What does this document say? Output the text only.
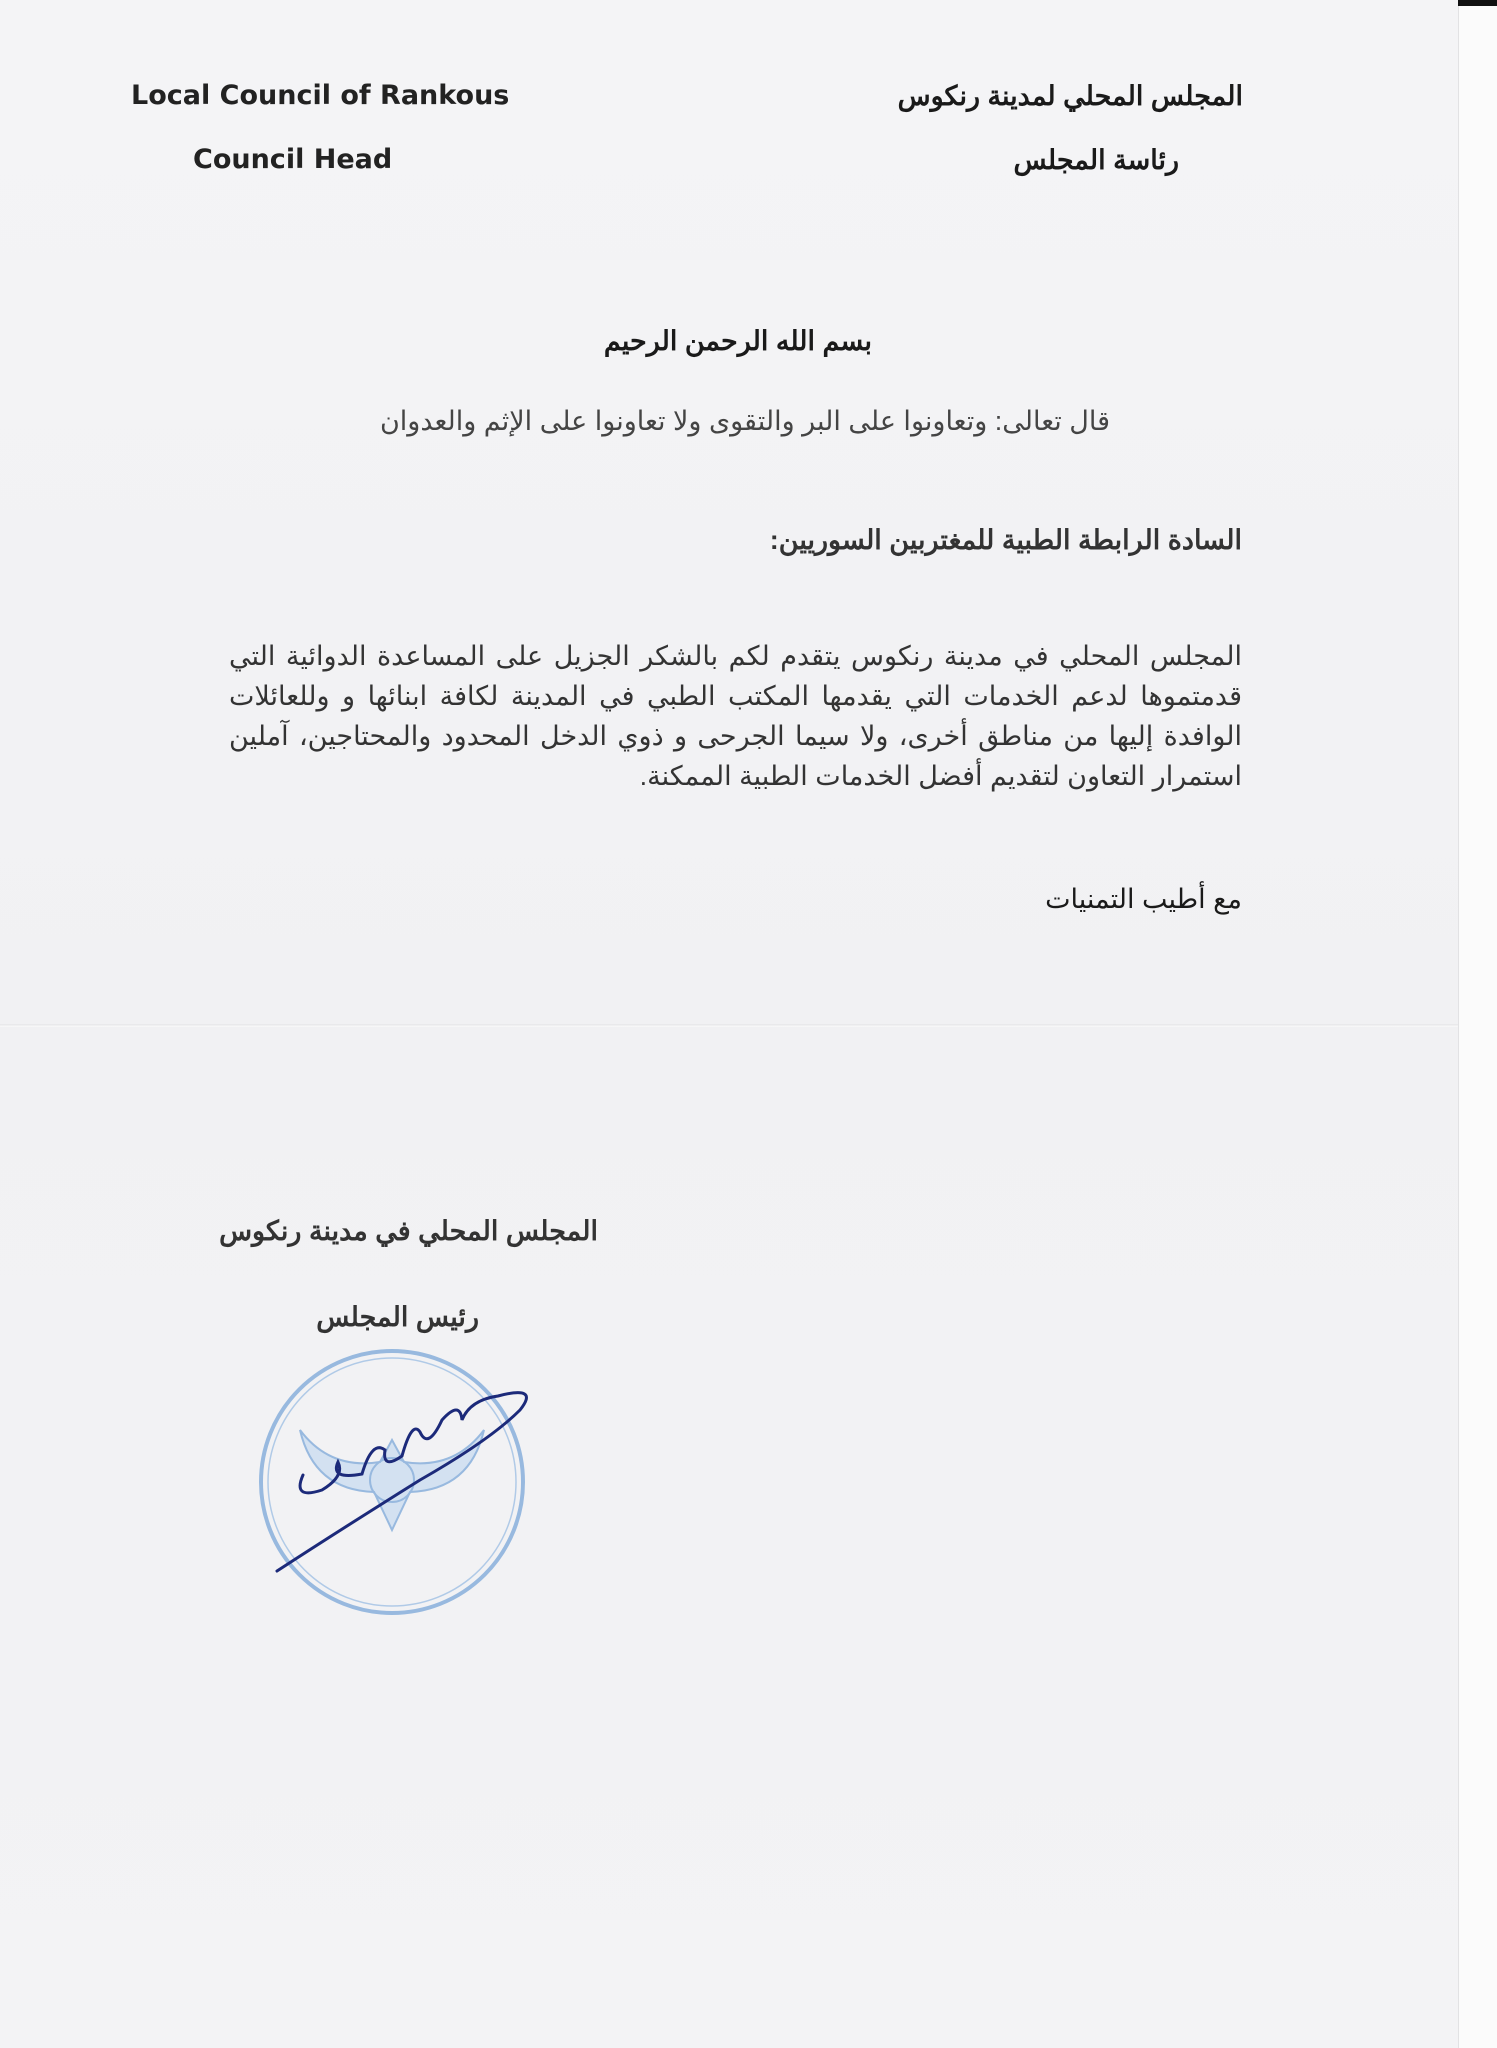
Local Council of Rankous
Council Head
المجلس المحلي لمدينة رنكوس
رئاسة المجلس
بسم الله الرحمن الرحيم
قال تعالى: وتعاونوا على البر والتقوى ولا تعاونوا على الإثم والعدوان
السادة الرابطة الطبية للمغتربين السوريين:
المجلس المحلي في مدينة رنكوس يتقدم لكم بالشكر الجزيل على المساعدة الدوائية التي قدمتموها لدعم الخدمات التي يقدمها المكتب الطبي في المدينة لكافة ابنائها و وللعائلات الوافدة إليها من مناطق أخرى، ولا سيما الجرحى و ذوي الدخل المحدود والمحتاجين، آملين استمرار التعاون لتقديم أفضل الخدمات الطبية الممكنة.
مع أطيب التمنيات
المجلس المحلي في مدينة رنكوس
رئيس المجلس
